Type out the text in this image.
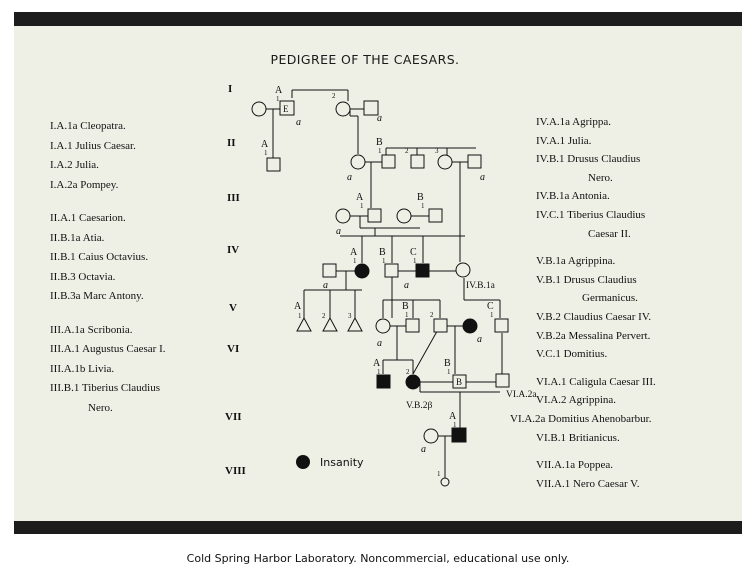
PEDIGREE OF THE CAESARS.
I
II
III
IV
V
VI
VII
VIII
I.A.1a Cleopatra.
I.A.1 Julius Caesar.
I.A.2 Julia.
I.A.2a Pompey.
II.A.1 Caesarion.
II.B.1a Atia.
II.B.1 Caius Octavius.
II.B.3 Octavia.
II.B.3a Marc Antony.
III.A.1a Scribonia.
III.A.1 Augustus Caesar I.
III.A.1b Livia.
III.B.1 Tiberius Claudius
Nero.
IV.A.1a Agrippa.
IV.A.1 Julia.
IV.B.1 Drusus Claudius
Nero.
IV.B.1a Antonia.
IV.C.1 Tiberius Claudius
Caesar II.
V.B.1a Agrippina.
V.B.1 Drusus Claudius
Germanicus.
V.B.2 Claudius Caesar IV.
V.B.2a Messalina Pervert.
V.C.1 Domitius.
VI.A.1 Caligula Caesar III.
VI.A.2 Agrippina.
VI.A.2a Domitius Ahenobarbur.
VI.B.1 Britianicus.
VII.A.1a Poppea.
VII.A.1 Nero Caesar V.
A
1
E
a
2
a
A
1
B
1	2	3
a	a
A
1
B
1
a
A
1
B
1
C
1
a	a	IV.B.1a
A
1	2	3
B
1	2
C
1
a	a
A
1	2
B
1
B
V.B.2β
VI.A.2a
A
1
a
1
Insanity
Cold Spring Harbor Laboratory. Noncommercial, educational use only.
